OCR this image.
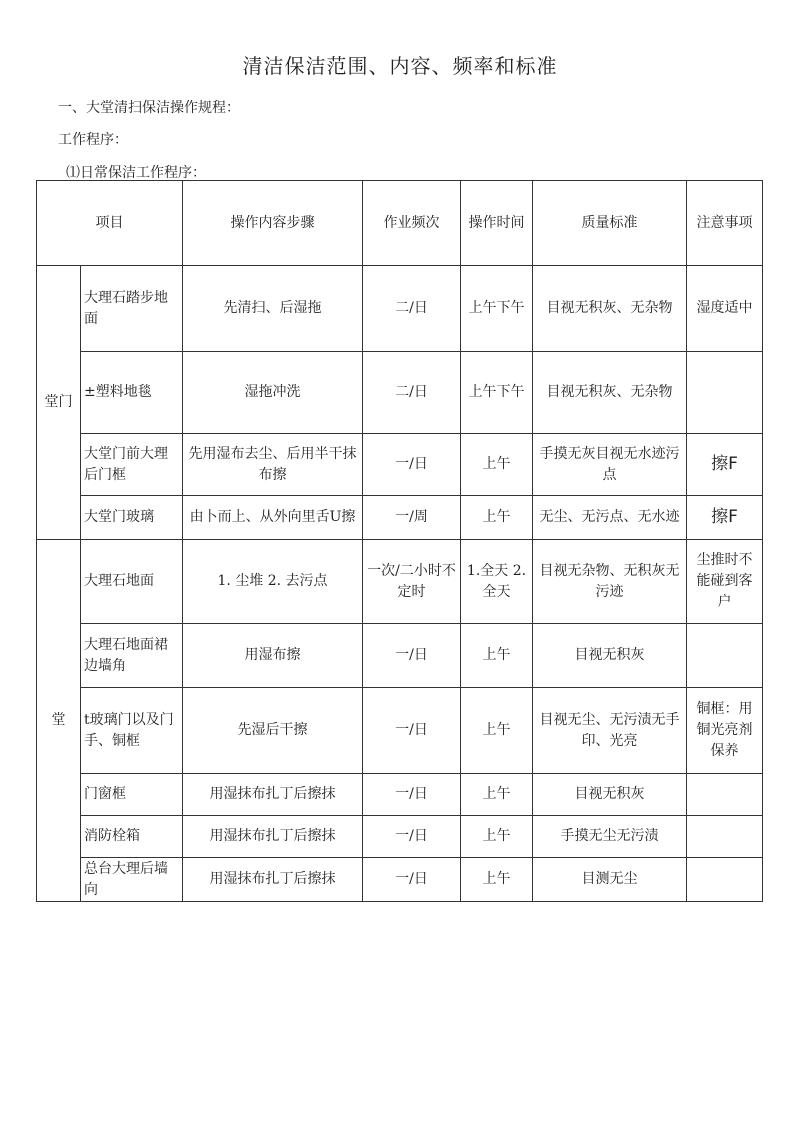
清洁保洁范围、内容、频率和标准
一、大堂清扫保洁操作规程：
工作程序：
⑴日常保洁工作程序：
项目		操作内容步骤	作业频次	操作时间	质量标准	注意事项
堂门	大理石踏步地面	先清扫、后湿拖	二/日	上午下午	目视无积灰、无杂物	湿度适中
	±塑料地毯	湿拖冲洗	二/日	上午下午	目视无积灰、无杂物	
	大堂门前大理后门框	先用湿布去尘、后用半干抹布擦	一/日	上午	手摸无灰目视无水迹污点	擦F
	大堂门玻璃	由卜而上、从外向里舌U擦	一/周	上午	无尘、无污点、无水迹	擦F
堂	大理石地面	1. 尘堆 2. 去污点	一次/二小时不定时	1.全天 2.全天	目视无杂物、无积灰无污迹	尘推时不能碰到客户
	大理石地面裙边墙角	用湿布擦	一/日	上午	目视无积灰	
	t玻璃门以及门手、铜框	先湿后干擦	一/日	上午	目视无尘、无污渍无手印、光亮	铜框：用铜光亮剂保养
	门窗框	用湿抹布扎丁后擦抹	一/日	上午	目视无积灰	
	消防栓箱	用湿抹布扎丁后擦抹	一/日	上午	手摸无尘无污渍	
	总台大理后墙向	用湿抹布扎丁后擦抹	一/日	上午	目测无尘	
